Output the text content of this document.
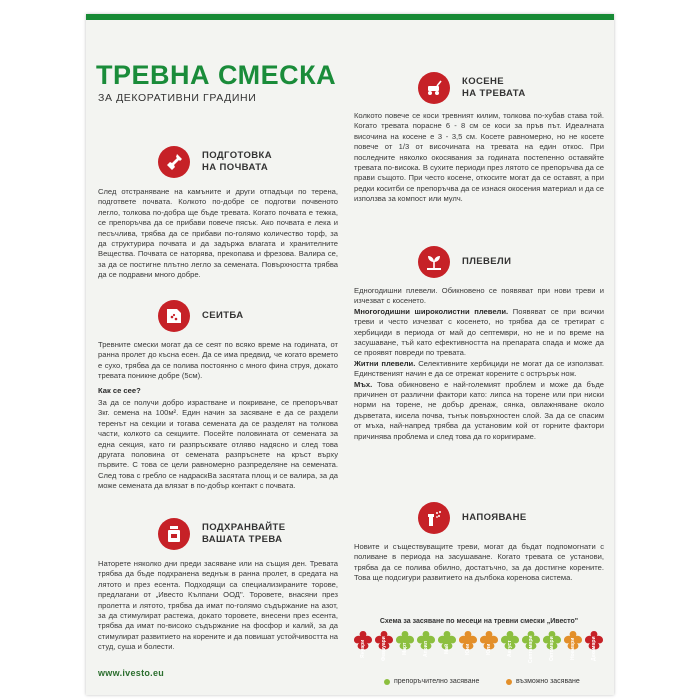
ТРЕВНА СМЕСКА
ЗА ДЕКОРАТИВНИ ГРАДИНИ
ПОДГОТОВКА
НА ПОЧВАТА
След отстраняване на камъните и други отпадъци по терена, подгответе почвата. Колкото по-добре се подготви почвеното легло, толкова по-добра ще бъде тревата. Когато почвата е тежка, се препоръчва да се прибави повече пясък. Ако почвата е лека и песъчлива, трябва да се прибави по-голямо количество торф, за да структурира почвата и да задържа влагата и хранителните Вещества. Почвата се наторява, прекопава и фрезова. Валира се, за да се постигне плътно легло за семената. Повърхността трябва да се подравни много добре.
СЕИТБА

Тревните смески могат да се сеят по всяко време на годината, от ранна пролет до късна есен. Да се има предвид, че когато времето е сухо, трябва да се полива постоянно с много фина струя, докато тревата поникне добре (5см).

Как се сее?

За да се получи добро израстване и покриване, се препоръчват 3кг. семена на 100м². Един начин за засяване е да се раздели теренът на секции и тогава семената да се разделят на толкова части, колкото са секциите. Посейте половината от семената за една секция, като ги разпръсквате отляво надясно и след това другата половина от семената разпръснете на кръст върху първите. С това се цели равномерно разпределяне на семената. След това с гребло се надраскВа засятата площ и се валира, за да може семената да влязат в по-добър контакт с почвата.

ПОДХРАНВАЙТЕ
ВАШАТА ТРЕВА
Наторете няколко дни преди засяване или на същия ден. Тревата трябва да бъде подхранена веднъж в ранна пролет, в средата на лятото и през есента. Подходящи са специализираните торове, предлагани от „Ивесто Кълпани ООД". Торовете, внасяни през пролетта и лятото, трябва да имат по-голямо съдържание на азот, за да стимулират растежа, докато торовете, внесени през есента, трябва да имат по-високо съдържание на фосфор и калий, за да стимулират развитието на корените и да повишат устойчивостта на студ, суша и болести.
www.ivesto.eu
КОСЕНЕ
НА ТРЕВАТА
Колкото повече се коси тревният килим, толкова по-хубав става той. Когато тревата порасне 6 - 8 см се коси за пръв път. Идеалната височина на косене е 3 - 3,5 см. Косете равномерно, но не косете повече от 1/3 от височината на тревата на един откос. При последните няколко окосявания за годината постепенно оставяйте тревата по-висока. В сухите периоди през лятото се препоръчва да се прави същото. При често косене, откосите могат да се оставят, а при редки коситби се препоръчва да се изнася окосения материал и да се използва за компост или мулч.
ПЛЕВЕЛИ

Едногодишни плевели. Обикновено се появяват при нови треви и изчезват с косенето.

Многогодишни широколистни плевели. Появяват се при всички треви и често изчезват с косенето, но трябва да се третират с хербициди в периода от май до септември, но не и по време на засушаване, тъй като ефективността на препарата спада и може да се проявят повреди по тревата.

Житни плевели. Селективните хербициди не могат да се използват. Единственият начин е да се отрежат корените с острърък нож.

Мъх. Това обикновено е най-големият проблем и може да бъде причинен от различни фактори като: липса на торене или при ниски норми на торене, не добър дренаж, сянка, овлажняване около дърветата, кисела почва, тънък повърхностен слой. За да се спасим от мъха, най-напред трябва да установим кой от горните фактори причинява проблема и след това да го коригираме.

НАПОЯВАНЕ
Новите и съществуващите треви, могат да бъдат подпомогнати с поливане в периода на засушаване. Когато тревата се установи, трябва да се полива обилно, достатъчно, за да достигне корените. Това ще подсигури развитието на дълбока коренова система.
Схема за засяване по месеци на тревни смески „Ивесто"
Януари	Февруари	Март	Април	Май	Юни	Юли	Август	Септември	Октомври	Ноември	Декември
препоръчително засяване	възможно засяване
